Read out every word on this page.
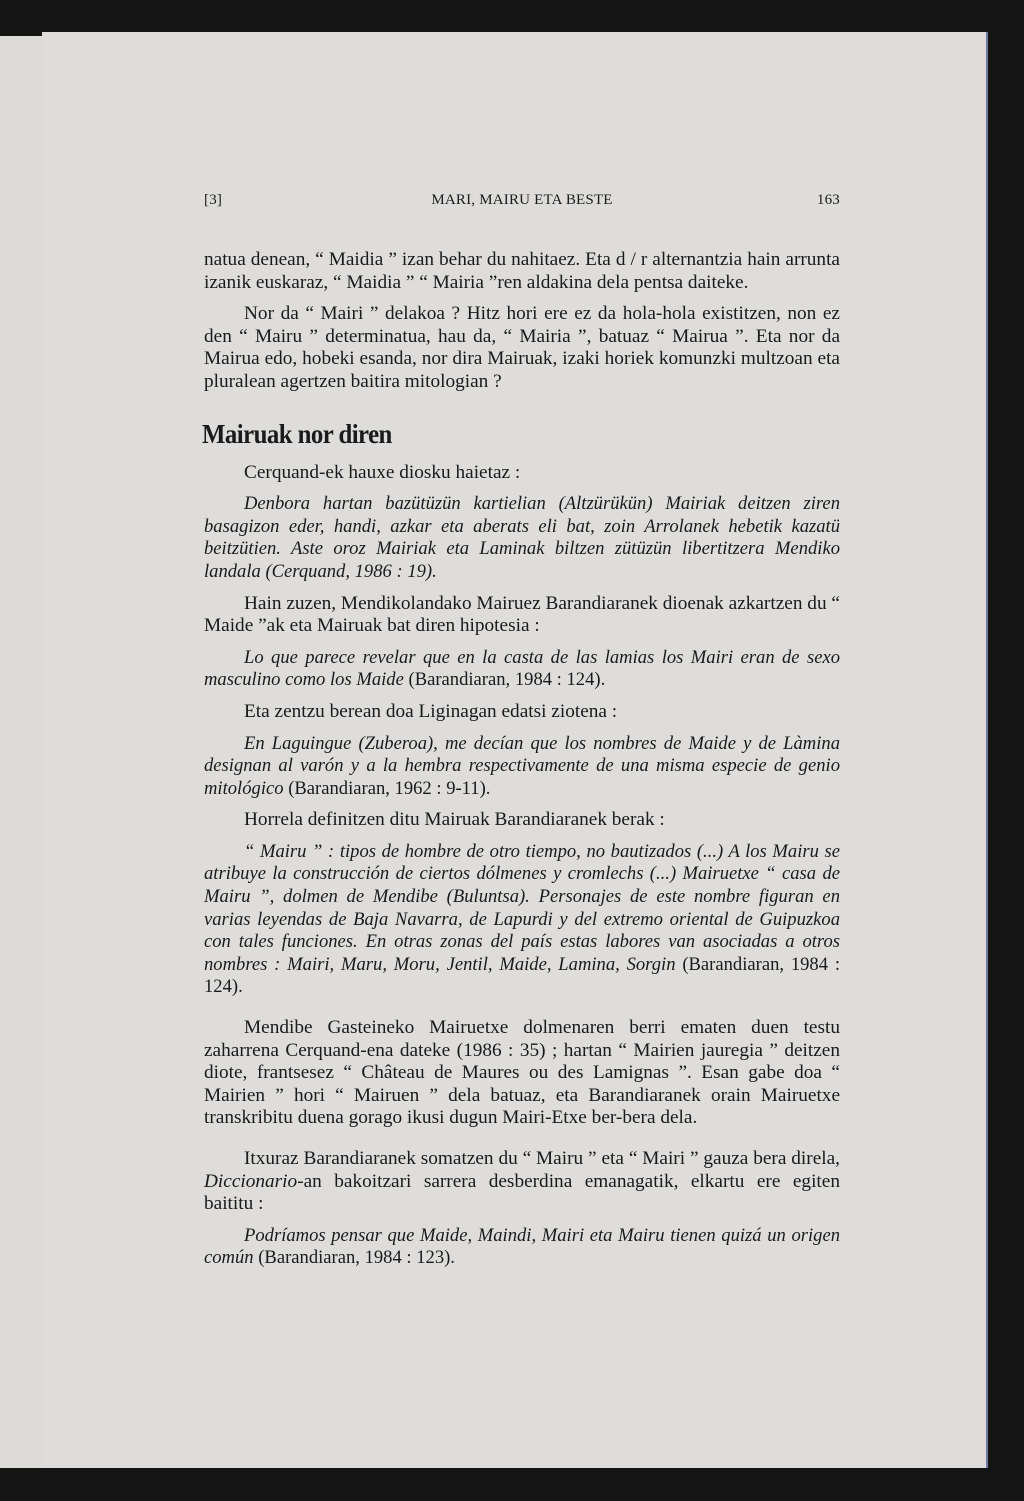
[3]	MARI, MAIRU ETA BESTE	163

natua denean, “ Maidia ” izan behar du nahitaez. Eta d / r alternantzia hain arrunta izanik euskaraz, “ Maidia ” “ Mairia ”ren aldakina dela pentsa daiteke.

Nor da “ Mairi ” delakoa ? Hitz hori ere ez da hola-hola existitzen, non ez den “ Mairu ” determinatua, hau da, “ Mairia ”, batuaz “ Mairua ”. Eta nor da Mairua edo, hobeki esanda, nor dira Mairuak, izaki horiek komunzki multzoan eta pluralean agertzen baitira mitologian ?

Mairuak nor diren

Cerquand-ek hauxe diosku haietaz :

Denbora hartan bazütüzün kartielian (Altzürükün) Mairiak deitzen ziren basagizon eder, handi, azkar eta aberats eli bat, zoin Arrolanek hebetik kazatü beitzütien. Aste oroz Mairiak eta Laminak biltzen zütüzün libertitzera Mendiko landala (Cerquand, 1986 : 19).

Hain zuzen, Mendikolandako Mairuez Barandiaranek dioenak azkartzen du “ Maide ”ak eta Mairuak bat diren hipotesia :

Lo que parece revelar que en la casta de las lamias los Mairi eran de sexo masculino como los Maide (Barandiaran, 1984 : 124).

Eta zentzu berean doa Liginagan edatsi ziotena :

En Laguingue (Zuberoa), me decían que los nombres de Maide y de Làmina designan al varón y a la hembra respectivamente de una misma especie de genio mitológico (Barandiaran, 1962 : 9-11).

Horrela definitzen ditu Mairuak Barandiaranek berak :

“ Mairu ” : tipos de hombre de otro tiempo, no bautizados (...) A los Mairu se atribuye la construcción de ciertos dólmenes y cromlechs (...) Mairuetxe “ casa de Mairu ”, dolmen de Mendibe (Buluntsa). Personajes de este nombre figuran en varias leyendas de Baja Navarra, de Lapurdi y del extremo oriental de Guipuzkoa con tales funciones. En otras zonas del país estas labores van asociadas a otros nombres : Mairi, Maru, Moru, Jentil, Maide, Lamina, Sorgin (Barandiaran, 1984 : 124).

Mendibe Gasteineko Mairuetxe dolmenaren berri ematen duen testu zaharrena Cerquand-ena dateke (1986 : 35) ; hartan “ Mairien jauregia ” deitzen diote, frantsesez “ Château de Maures ou des Lamignas ”. Esan gabe doa “ Mairien ” hori “ Mairuen ” dela batuaz, eta Barandiaranek orain Mairuetxe transkribitu duena gorago ikusi dugun Mairi-Etxe ber-bera dela.

Itxuraz Barandiaranek somatzen du “ Mairu ” eta “ Mairi ” gauza bera direla, Diccionario-an bakoitzari sarrera desberdina emanagatik, elkartu ere egiten baititu :

Podríamos pensar que Maide, Maindi, Mairi eta Mairu tienen quizá un origen común (Barandiaran, 1984 : 123).
